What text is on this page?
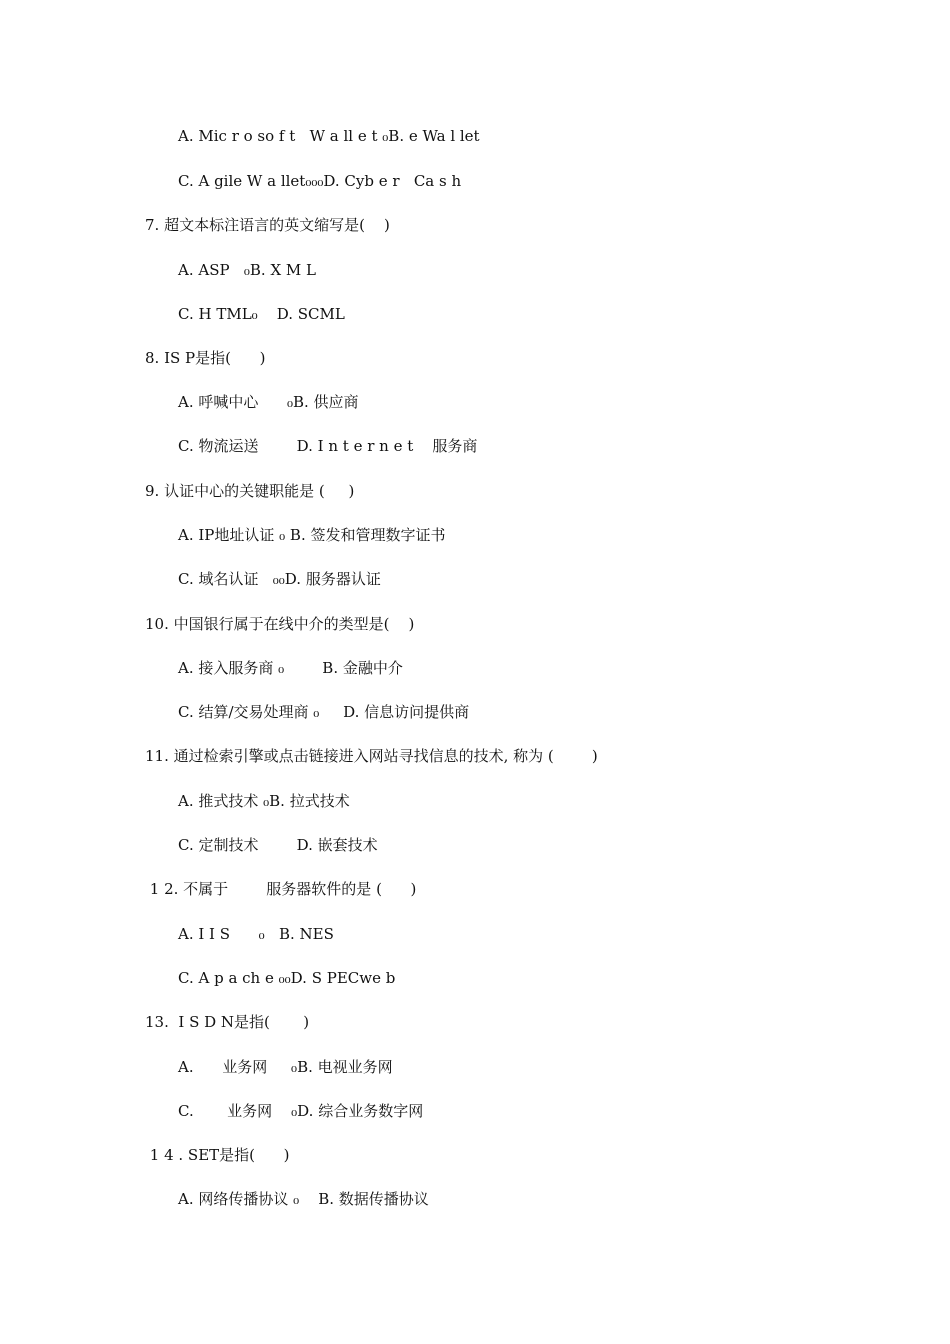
A. Mic r o so f t   W a ll e t ₀B. e Wa l let
C. A gile W a llet₀₀₀D. Cyb e r   Ca s h
7. 超文本标注语言的英文缩写是(    )
A. ASP   ₀B. X M L
C. H TML₀    D. SCML
8. IS P是指(      )
A. 呼喊中心      ₀B. 供应商
C. 物流运送        D. I n t e r n e t    服务商
9. 认证中心的关键职能是 (     )
A. IP地址认证 ₀ B. 签发和管理数字证书
C. 域名认证   ₀₀D. 服务器认证
10. 中国银行属于在线中介的类型是(    )
A. 接入服务商 ₀        B. 金融中介
C. 结算/交易处理商 ₀     D. 信息访问提供商
11. 通过检索引擎或点击链接进入网站寻找信息的技术, 称为 (        )
A. 推式技术 ₀B. 拉式技术
C. 定制技术        D. 嵌套技术
1 2. 不属于        服务器软件的是 (      )
A. I I S      ₀   B. NES
C. A p a ch e ₀₀D. S PECwe b
13.  I S D N是指(       )
A.      业务网     ₀B. 电视业务网
C.       业务网    ₀D. 综合业务数字网
1 4 . SET是指(      )
A. 网络传播协议 ₀    B. 数据传播协议
